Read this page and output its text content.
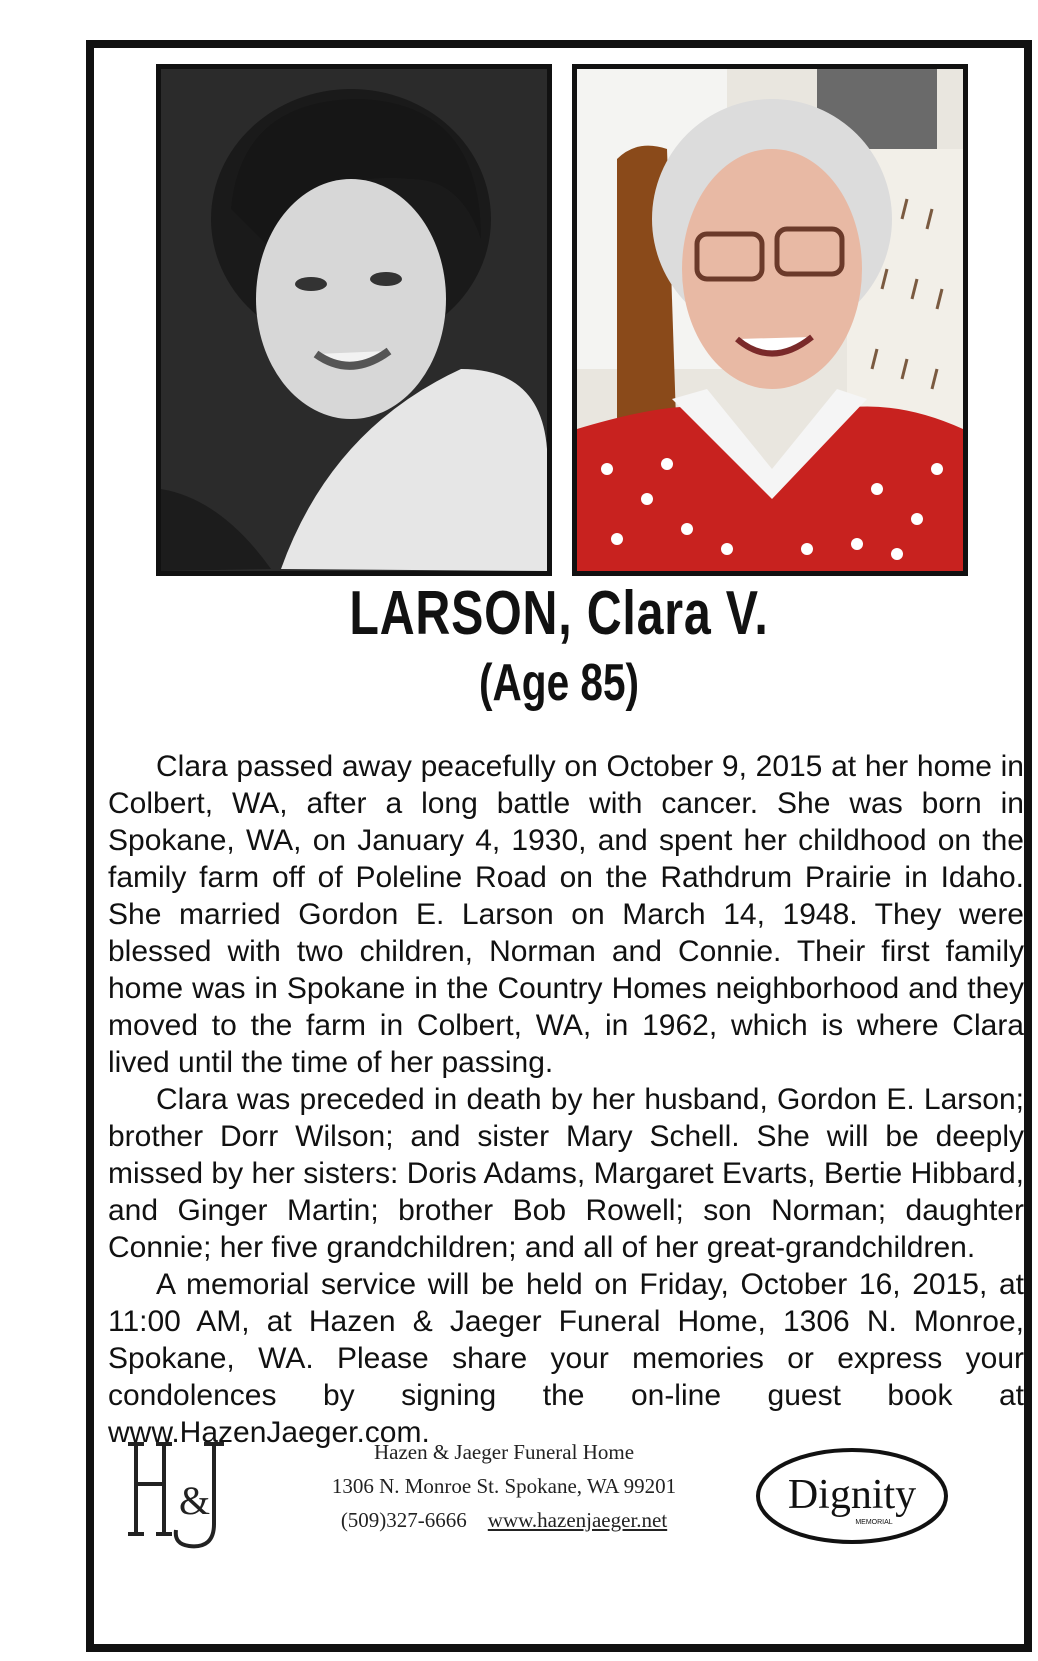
LARSON, Clara V.
(Age 85)

Clara passed away peacefully on October 9, 2015 at her home in Colbert, WA, after a long battle with cancer. She was born in Spokane, WA, on January 4, 1930, and spent her childhood on the family farm off of Poleline Road on the Rathdrum Prairie in Idaho. She married Gordon E. Larson on March 14, 1948. They were blessed with two children, Norman and Connie. Their first family home was in Spokane in the Country Homes neighborhood and they moved to the farm in Colbert, WA, in 1962, which is where Clara lived until the time of her passing.

Clara was preceded in death by her husband, Gordon E. Larson; brother Dorr Wilson; and sister Mary Schell. She will be deeply missed by her sisters: Doris Adams, Margaret Evarts, Bertie Hibbard, and Ginger Martin; brother Bob Rowell; son Norman; daughter Connie; her five grandchildren; and all of her great-grandchildren.

A memorial service will be held on Friday, October 16, 2015, at 11:00 AM, at Hazen & Jaeger Funeral Home, 1306 N. Monroe, Spokane, WA. Please share your memories or express your condolences by signing the on-line guest book at www.HazenJaeger.com.

&
Hazen & Jaeger Funeral Home
1306 N. Monroe St. Spokane, WA 99201
(509)327-6666 www.hazenjaeger.net
Dignity
MEMORIAL
